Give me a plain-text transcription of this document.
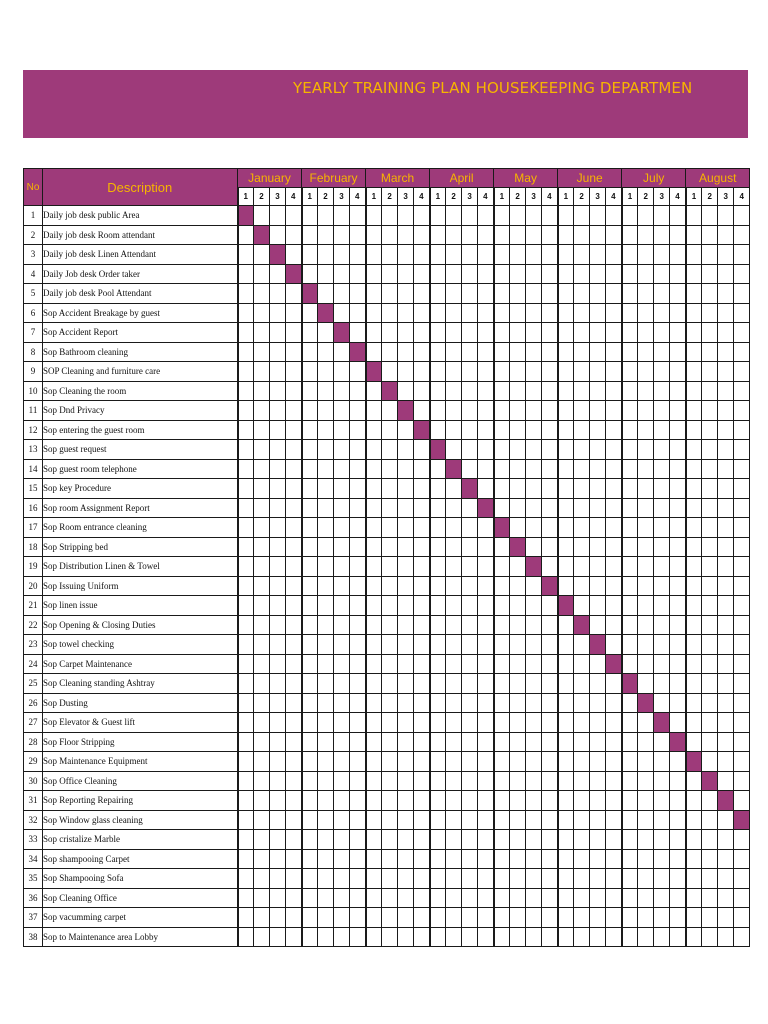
YEARLY TRAINING PLAN HOUSEKEEPING DEPARTMEN
No	Description	January				February				March				April				May				June				July				August			
		1	2	3	4	1	2	3	4	1	2	3	4	1	2	3	4	1	2	3	4	1	2	3	4	1	2	3	4	1	2	3	4
1	Daily job desk public Area																																
2	Daily job desk Room attendant																																
3	Daily job desk Linen Attendant																																
4	Daily Job desk Order taker																																
5	Daily job desk Pool Attendant																																
6	Sop Accident Breakage by guest																																
7	Sop Accident Report																																
8	Sop Bathroom cleaning																																
9	SOP Cleaning and furniture care																																
10	Sop Cleaning the room																																
11	Sop Dnd Privacy																																
12	Sop entering the guest room																																
13	Sop guest request																																
14	Sop guest room telephone																																
15	Sop key Procedure																																
16	Sop room Assignment Report																																
17	Sop Room entrance cleaning																																
18	Sop Stripping bed																																
19	Sop Distribution Linen & Towel																																
20	Sop Issuing Uniform																																
21	Sop linen issue																																
22	Sop Opening & Closing Duties																																
23	Sop towel checking																																
24	Sop Carpet Maintenance																																
25	Sop Cleaning standing Ashtray																																
26	Sop Dusting																																
27	Sop Elevator & Guest lift																																
28	Sop Floor Stripping																																
29	Sop Maintenance Equipment																																
30	Sop Office Cleaning																																
31	Sop Reporting Repairing																																
32	Sop Window glass cleaning																																
33	Sop cristalize Marble																																
34	Sop shampooing Carpet																																
35	Sop Shampooing Sofa																																
36	Sop Cleaning Office																																
37	Sop vacumming carpet																																
38	Sop to Maintenance area Lobby																																
